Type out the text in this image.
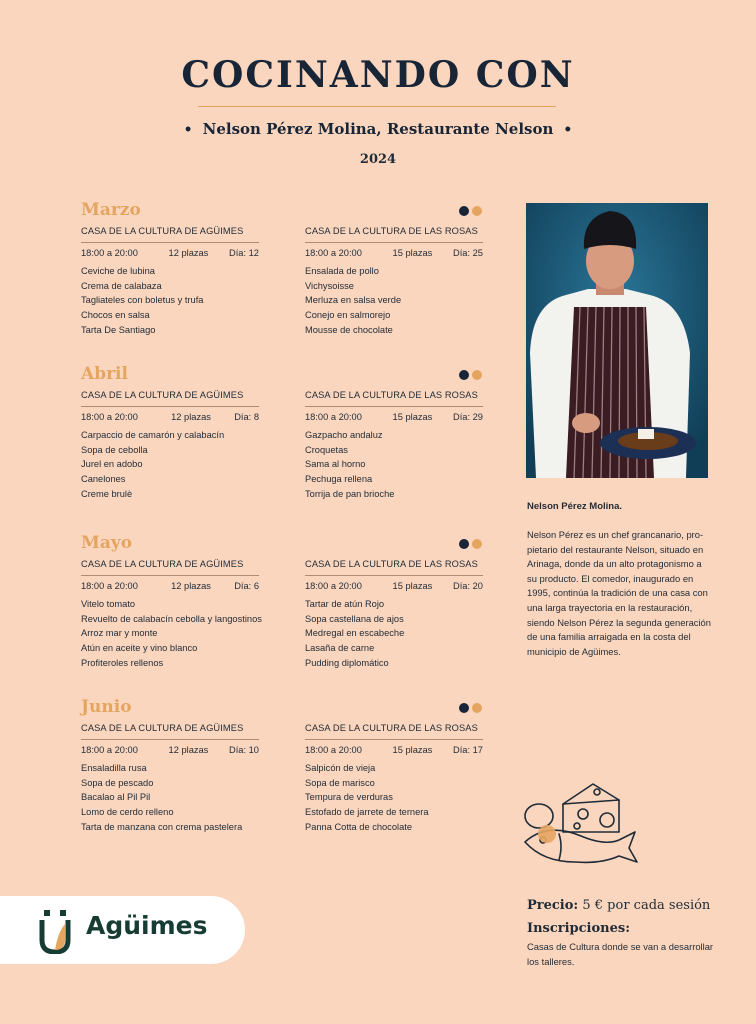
COCINANDO CON
• Nelson Pérez Molina, Restaurante Nelson •
2024
Marzo
CASA DE LA CULTURA DE AGÜIMES
18:00 a 20:00	12 plazas Día: 12
Ceviche de lubina
Crema de calabaza
Tagliateles con boletus y trufa
Chocos en salsa
Tarta De Santiago
CASA DE LA CULTURA DE LAS ROSAS
18:00 a 20:00	15 plazas Día: 25
Ensalada de pollo
Vichysoisse
Merluza en salsa verde
Conejo en salmorejo
Mousse de chocolate
Abril
CASA DE LA CULTURA DE AGÜIMES
18:00 a 20:00	12 plazas	Día: 8
Carpaccio de camarón y calabacín
Sopa de cebolla
Jurel en adobo
Canelones
Creme brulè
CASA DE LA CULTURA DE LAS ROSAS
18:00 a 20:00	15 plazas Día: 29
Gazpacho andaluz
Croquetas
Sama al horno
Pechuga rellena
Torrija de pan brioche
Mayo
CASA DE LA CULTURA DE AGÜIMES
18:00 a 20:00	12 plazas	Día: 6
Vitelo tomato
Revuelto de calabacín cebolla y langostinos
Arroz mar y monte
Atún en aceite y vino blanco
Profiteroles rellenos
CASA DE LA CULTURA DE LAS ROSAS
18:00 a 20:00	15 plazas Día: 20
Tartar de atún Rojo
Sopa castellana de ajos
Medregal en escabeche
Lasaña de carne
Pudding diplomático
Junio
CASA DE LA CULTURA DE AGÜIMES
18:00 a 20:00	12 plazas Día: 10
Ensaladilla rusa
Sopa de pescado
Bacalao al Pil Pil
Lomo de cerdo relleno
Tarta de manzana con crema pastelera
CASA DE LA CULTURA DE LAS ROSAS
18:00 a 20:00	15 plazas Día: 17
Salpicón de vieja
Sopa de marisco
Tempura de verduras
Estofado de jarrete de ternera
Panna Cotta de chocolate
Nelson Pérez Molina.
Nelson Pérez es un chef grancanario, pro-
pietario del restaurante Nelson, situado en
Arinaga, donde da un alto protagonismo a
su producto. El comedor, inaugurado en
1995, continúa la tradición de una casa con
una larga trayectoria en la restauración,
siendo Nelson Pérez la segunda generación
de una familia arraigada en la costa del
municipio de Agüimes.
Precio: 5 € por cada sesión
Inscripciones:
Casas de Cultura donde se van a desarrollar
los talleres.
Agüimes
